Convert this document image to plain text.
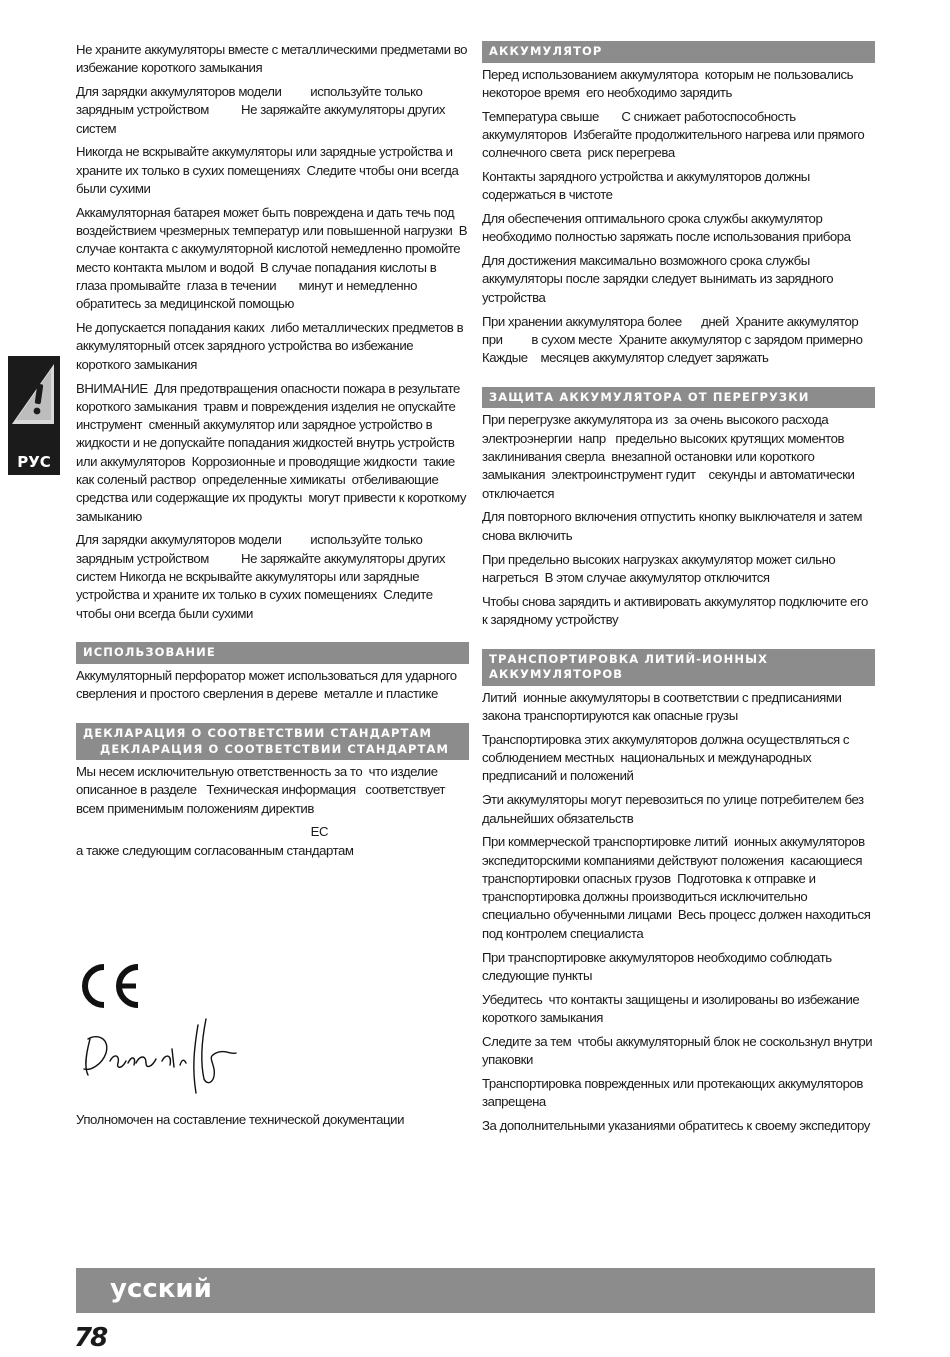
РУС

Не храните аккумуляторы вместе с металлическими предметами во избежание короткого замыкания

Для зарядки аккумуляторов модели         используйте только зарядным устройством          Не заряжайте аккумуляторы других систем

Никогда не вскрывайте аккумуляторы или зарядные устройства и храните их только в сухих помещениях  Следите чтобы они всегда были сухими

Аккамуляторная батарея может быть повреждена и дать течь под воздействием чрезмерных температур или повышенной нагрузки  В случае контакта с аккумуляторной кислотой немедленно промойте место контакта мылом и водой  В случае попадания кислоты в глаза промывайте  глаза в течении       минут и немедленно обратитесь за медицинской помощью

Не допускается попадания каких  либо металлических предметов в аккумуляторный отсек зарядного устройства во избежание короткого замыкания

ВНИМАНИЕ  Для предотвращения опасности пожара в результате короткого замыкания  травм и повреждения изделия не опускайте инструмент  сменный аккумулятор или зарядное устройство в жидкости и не допускайте попадания жидкостей внутрь устройств или аккумуляторов  Коррозионные и проводящие жидкости  такие как соленый раствор  определенные химикаты  отбеливающие средства или содержащие их продукты  могут привести к короткому замыканию

Для зарядки аккумуляторов модели         используйте только зарядным устройством          Не заряжайте аккумуляторы других систем Никогда не вскрывайте аккумуляторы или зарядные устройства и храните их только в сухих помещениях  Следите чтобы они всегда были сухими

ИСПОЛЬЗОВАНИЕ

Аккумуляторный перфоратор может использоваться для ударного сверления и простого сверления в дереве  металле и пластике

ДЕКЛАРАЦИЯ О СООТВЕТСТВИИ СТАНДАРТАМ
ДЕКЛАРАЦИЯ О СООТВЕТСТВИИ СТАНДАРТАМ

Мы несем исключительную ответственность за то  что изделие описанное в разделе   Техническая информация   соответствует всем применимым положениям директив

EC
а также следующим согласованным стандартам

Уполномочен на составление технической документации

АККУМУЛЯТОР

Перед использованием аккумулятора  которым не пользовались некоторое время  его необходимо зарядить

Температура свыше       С снижает работоспособность аккумуляторов  Избегайте продолжительного нагрева или прямого солнечного света  риск перегрева

Контакты зарядного устройства и аккумуляторов должны содержаться в чистоте

Для обеспечения оптимального срока службы аккумулятор необходимо полностью заряжать после использования прибора

Для достижения максимально возможного срока службы аккумуляторы после зарядки следует вынимать из зарядного устройства

При хранении аккумулятора более      дней  Храните аккумулятор при         в сухом месте  Храните аккумулятор с зарядом примерно                     Каждые    месяцев аккумулятор следует заряжать

ЗАЩИТА АККУМУЛЯТОРА ОТ ПЕРЕГРУЗКИ

При перегрузке аккумулятора из  за очень высокого расхода электроэнергии  напр   предельно высоких крутящих моментов  заклинивания сверла  внезапной остановки или короткого замыкания  электроинструмент гудит    секунды и автоматически отключается

Для повторного включения отпустить кнопку выключателя и затем снова включить

При предельно высоких нагрузках аккумулятор может сильно нагреться  В этом случае аккумулятор отключится

Чтобы снова зарядить и активировать аккумулятор подключите его к зарядному устройству

ТРАНСПОРТИРОВКА ЛИТИЙ-ИОННЫХ
АККУМУЛЯТОРОВ

Литий  ионные аккумуляторы в соответствии с предписаниями закона транспортируются как опасные грузы

Транспортировка этих аккумуляторов должна осуществляться с соблюдением местных  национальных и международных предписаний и положений

Эти аккумуляторы могут перевозиться по улице потребителем без дальнейших обязательств

При коммерческой транспортировке литий  ионных аккумуляторов экспедиторскими компаниями действуют положения  касающиеся транспортировки опасных грузов  Подготовка к отправке и транспортировка должны производиться исключительно специально обученными лицами  Весь процесс должен находиться под контролем специалиста

При транспортировке аккумуляторов необходимо соблюдать следующие пункты

Убедитесь  что контакты защищены и изолированы во избежание короткого замыкания

Следите за тем  чтобы аккумуляторный блок не соскользнул внутри упаковки

Транспортировка поврежденных или протекающих аккумуляторов запрещена

За дополнительными указаниями обратитесь к своему экспедитору

усский
78
